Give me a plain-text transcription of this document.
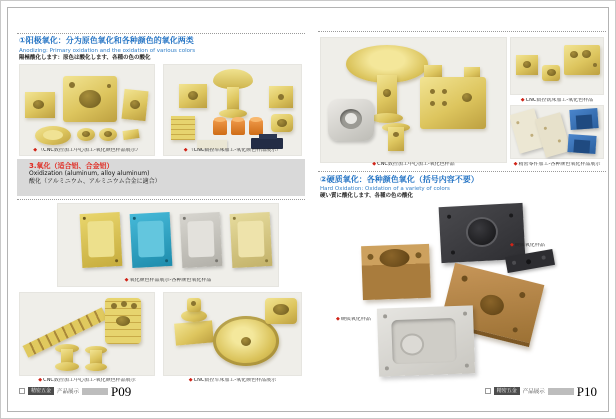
①阳极氧化：分为原色氧化和各种颜色的氧化两类
Anodizing: Primary oxidation and the oxidation of various colors
陽極酸化します：原色は酸化します、各種の色の酸化
◆（CNC数控加工中心加工-氧化颜色样品展示）	◆（CNC数控车床加工-氧化颜色样品展示）
3.氧化（适合铝、合金铝）
Oxidization (aluminum, alloy aluminum)
酸化（アルミニウム、アルミニウム合金に適合）
◆氧化颜色样品展示-各种颜色氧化样品
◆CNC数控加工中心加工-氧化颜色样品展示	◆CNC数控车床加工-氧化颜色样品展示
精密五金	产品展示 P09
◆CNC数控加工中心加工-氧化色样品
◆CNC数控铣床加工-氧化色样品
◆精密零件加工-各种颜色氧化样品展示
②硬质氧化：各种颜色氧化（括号内容不要）
Hard Oxidation: Oxidation of a variety of colors
硬い質に酸化します、各種の色の酸化
◆硬质氧化样品
◆硬质氧化样品
精密五金	产品展示 P10
